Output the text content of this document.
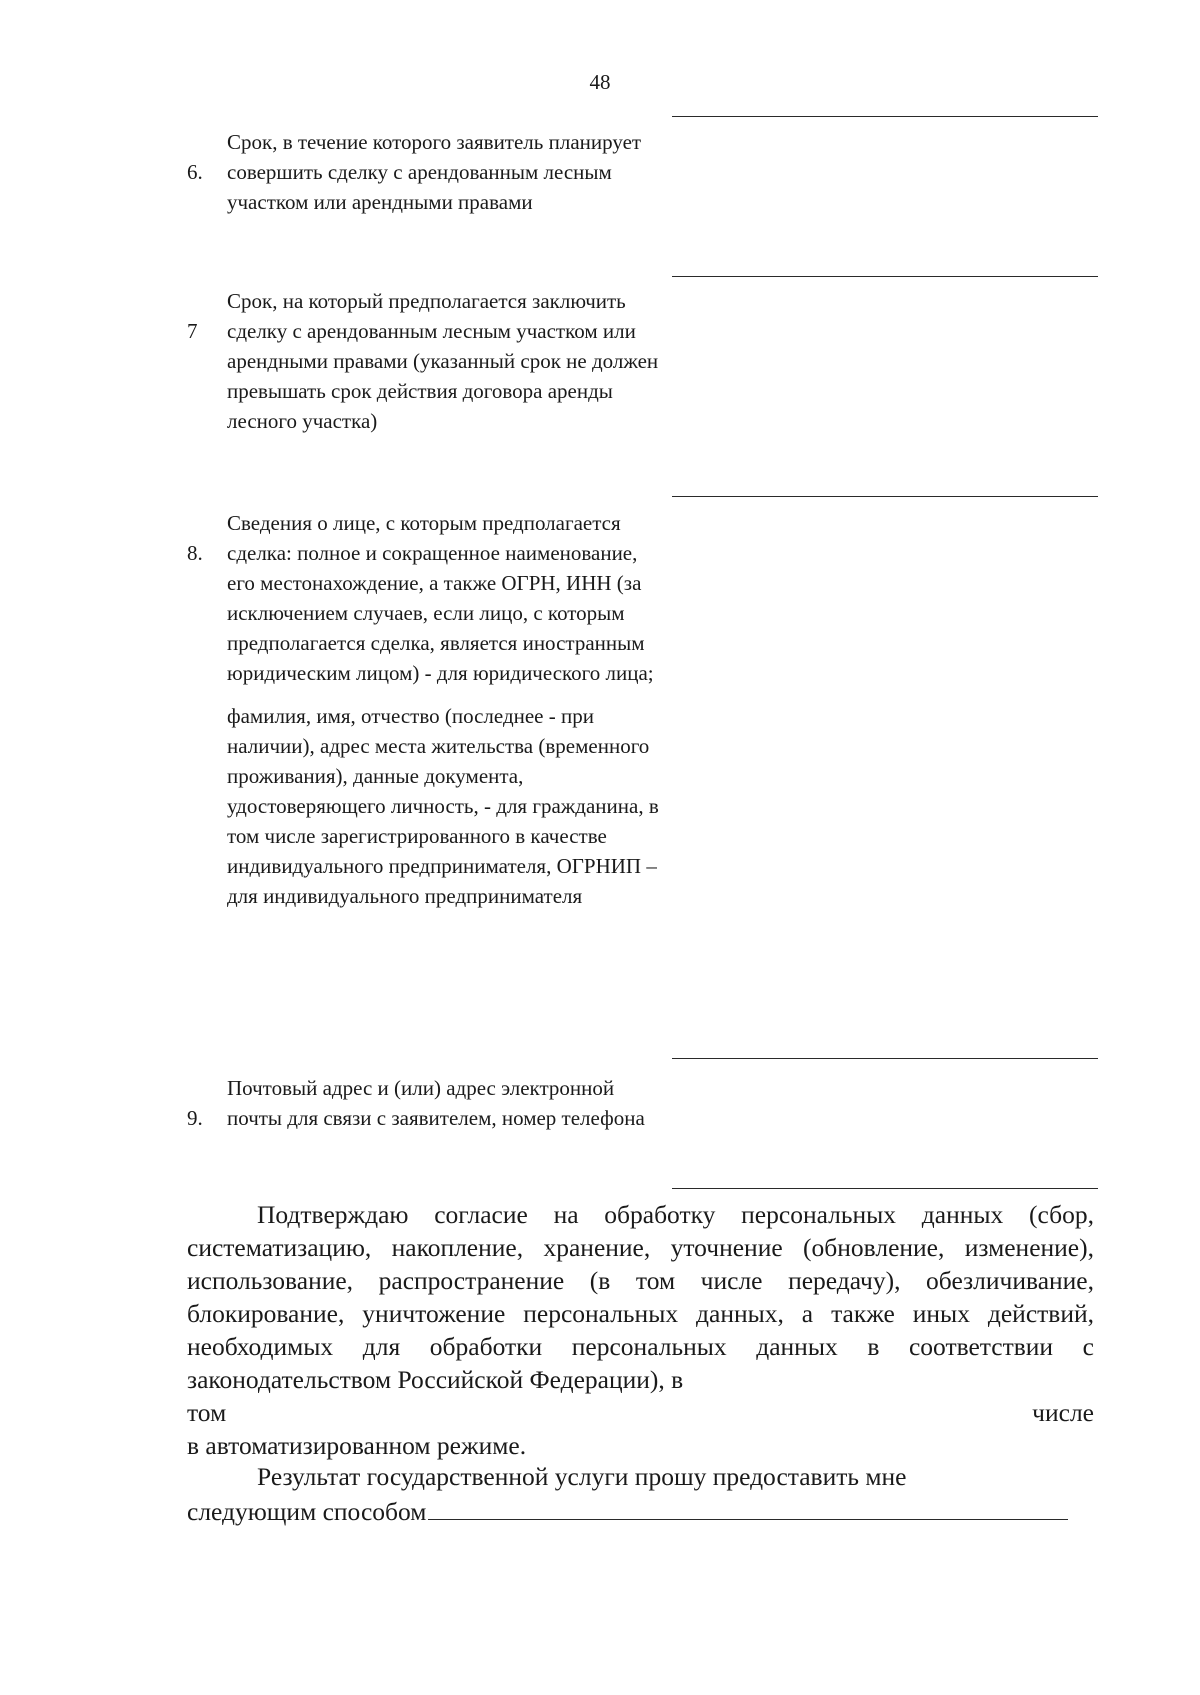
48
6.

Срок, в течение которого заявитель планирует совершить сделку с арендованным лесным участком или арендными правами

7

Срок, на который предполагается заключить сделку с арендованным лесным участком или арендными правами (указанный срок не должен превышать срок действия договора аренды лесного участка)

8.

Сведения о лице, с которым предполагается сделка: полное и сокращенное наименование, его местонахождение, а также ОГРН, ИНН (за исключением случаев, если лицо, с которым предполагается сделка, является иностранным юридическим лицом) - для юридического лица;

фамилия, имя, отчество (последнее - при наличии), адрес места жительства (временного проживания), данные документа, удостоверяющего личность, - для гражданина, в том числе зарегистрированного в качестве индивидуального предпринимателя, ОГРНИП – для индивидуального предпринимателя

9.

Почтовый адрес и (или) адрес электронной почты для связи с заявителем, номер телефона

Подтверждаю согласие на обработку персональных данных (сбор, систематизацию, накопление, хранение, уточнение (обновление, изменение), использование, распространение (в том числе передачу), обезличивание, блокирование, уничтожение персональных данных, а также иных действий, необходимых для обработки персональных данных в соответствии с законодательством Российской Федерации), в
том	числе
в автоматизированном режиме.
Результат государственной услуги прошу предоставить мне
следующим способом
